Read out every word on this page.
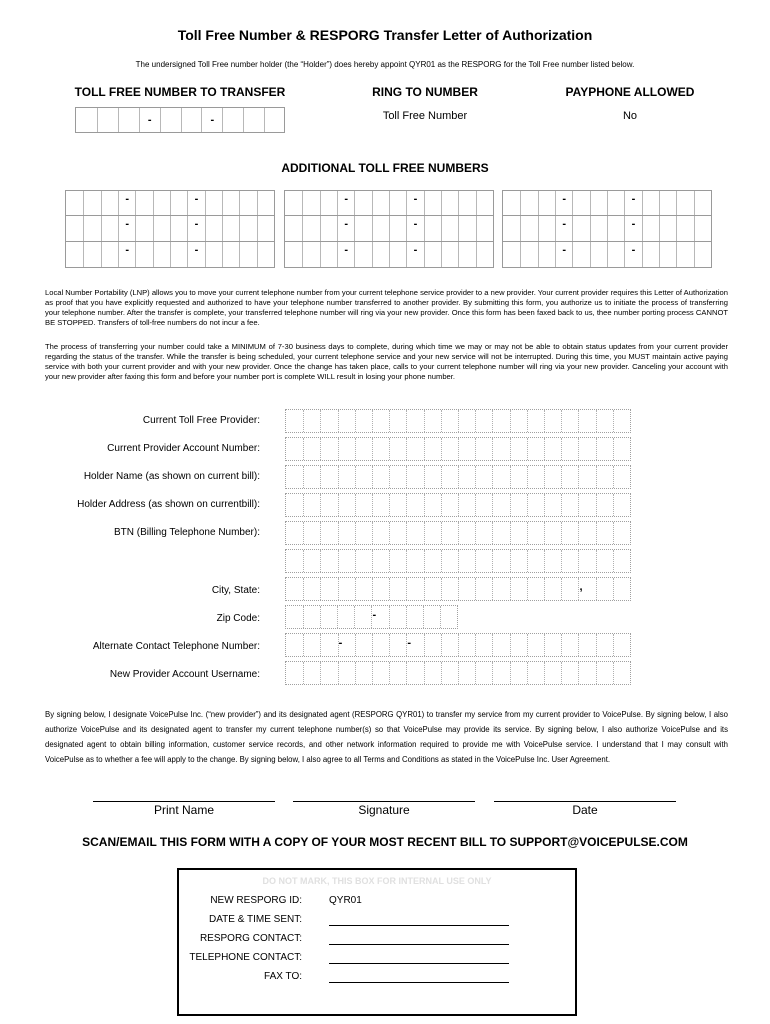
Toll Free Number & RESPORG Transfer Letter of Authorization
The undersigned Toll Free number holder (the “Holder”) does hereby appoint QYR01 as the RESPORG for the Toll Free number listed below.
TOLL FREE NUMBER TO TRANSFER	RING TO NUMBER	PAYPHONE ALLOWED
-	-	Toll Free Number	No
ADDITIONAL TOLL FREE NUMBERS
-	-
-	-
-	-
-	-
-	-
-	-
-	-
-	-
-	-
Local Number Portability (LNP) allows you to move your current telephone number from your current telephone service provider to a new provider. Your current provider requires this Letter of Authorization as proof that you have explicitly requested and authorized to have your telephone number transferred to another provider. By submitting this form, you authorize us to initiate the process of transferring your telephone number. After the transfer is complete, your transferred telephone number will ring via your new provider. Once this form has been faxed back to us, thee number porting process CANNOT BE STOPPED. Transfers of toll-free numbers do not incur a fee.
The process of transferring your number could take a MINIMUM of 7-30 business days to complete, during which time we may or may not be able to obtain status updates from your current provider regarding the status of the transfer. While the transfer is being scheduled, your current telephone service and your new service will not be interrupted. During this time, you MUST maintain active paying service with both your current provider and with your new provider. Once the change has taken place, calls to your current telephone number will ring via your new provider. Canceling your account with your new provider after faxing this form and before your number port is complete WILL result in losing your phone number.
Current Toll Free Provider:
Current Provider Account Number:
Holder Name (as shown on current bill):
Holder Address (as shown on currentbill):
BTN (Billing Telephone Number):
City, State:
Zip Code:
Alternate Contact Telephone Number:
New Provider Account Username:
,
-
-	-
By signing below, I designate VoicePulse Inc. (“new provider”) and its designated agent (RESPORG QYR01) to transfer my service from my current provider to VoicePulse. By signing below, I also authorize VoicePulse and its designated agent to transfer my current telephone number(s) so that VoicePulse may provide its service. By signing below, I also authorize VoicePulse and its designated agent to obtain billing information, customer service records, and other network information required to provide me with VoicePulse service. I understand that I may consult with VoicePulse as to whether a fee will apply to the change. By signing below, I also agree to all Terms and Conditions as stated in the VoicePulse Inc. User Agreement.
Print Name	Signature	Date
SCAN/EMAIL THIS FORM WITH A COPY OF YOUR MOST RECENT BILL TO SUPPORT@VOICEPULSE.COM
DO NOT MARK, THIS BOX FOR INTERNAL USE ONLY
NEW RESPORG ID:	QYR01
DATE & TIME SENT:
RESPORG CONTACT:
TELEPHONE CONTACT:
FAX TO:
